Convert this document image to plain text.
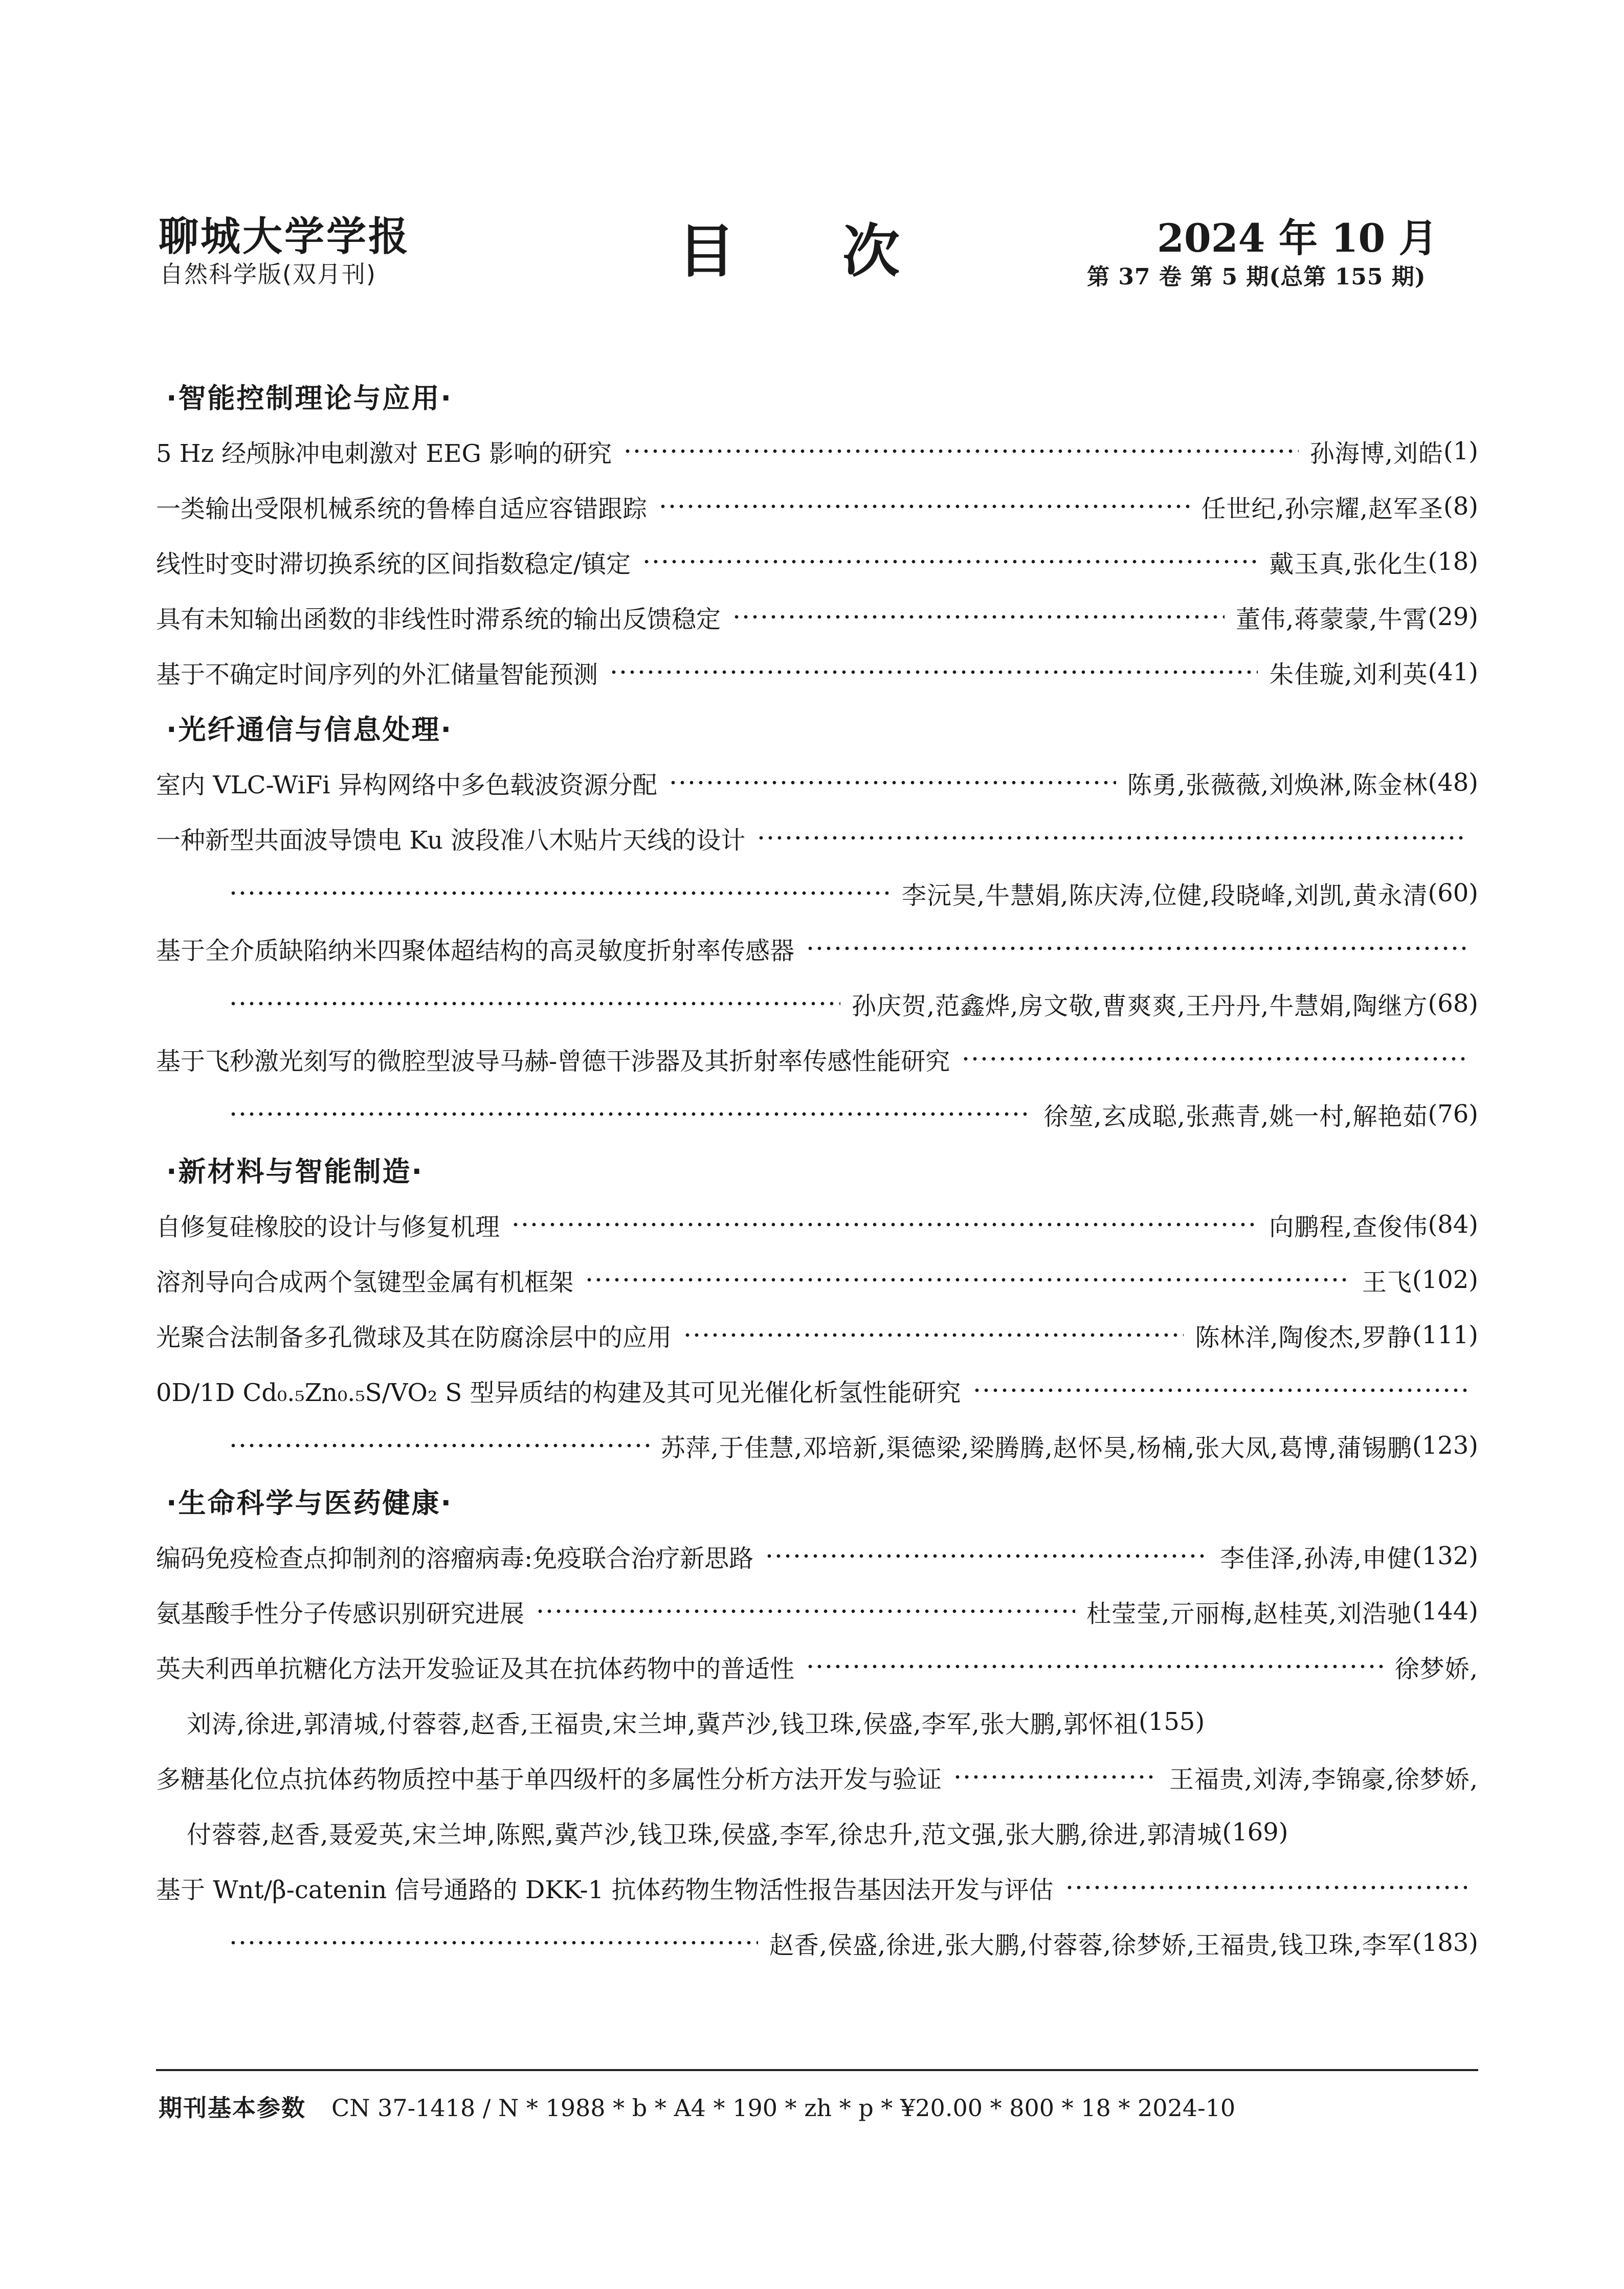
聊城大学学报
自然科学版(双月刊)	目次	2024 年 10 月
第 37 卷 第 5 期(总第 155 期)
·智能控制理论与应用·
5 Hz 经颅脉冲电刺激对 EEG 影响的研究	孙海博,刘皓 (1)
一类输出受限机械系统的鲁棒自适应容错跟踪	任世纪,孙宗耀,赵军圣 (8)
线性时变时滞切换系统的区间指数稳定/镇定	戴玉真,张化生 (18)
具有未知输出函数的非线性时滞系统的输出反馈稳定	董伟,蒋蒙蒙,牛霄 (29)
基于不确定时间序列的外汇储量智能预测	朱佳璇,刘利英 (41)
·光纤通信与信息处理·
室内 VLC-WiFi 异构网络中多色载波资源分配	陈勇,张薇薇,刘焕淋,陈金林 (48)
一种新型共面波导馈电 Ku 波段准八木贴片天线的设计
李沅昊,牛慧娟,陈庆涛,位健,段晓峰,刘凯,黄永清 (60)
基于全介质缺陷纳米四聚体超结构的高灵敏度折射率传感器
孙庆贺,范鑫烨,房文敬,曹爽爽,王丹丹,牛慧娟,陶继方 (68)
基于飞秒激光刻写的微腔型波导马赫-曾德干涉器及其折射率传感性能研究
徐堃,玄成聪,张燕青,姚一村,解艳茹 (76)
·新材料与智能制造·
自修复硅橡胶的设计与修复机理	向鹏程,查俊伟 (84)
溶剂导向合成两个氢键型金属有机框架	王飞 (102)
光聚合法制备多孔微球及其在防腐涂层中的应用	陈林洋,陶俊杰,罗静 (111)
0D/1D Cd₀.₅Zn₀.₅S/VO₂ S 型异质结的构建及其可见光催化析氢性能研究
苏萍,于佳慧,邓培新,渠德梁,梁腾腾,赵怀昊,杨楠,张大凤,葛博,蒲锡鹏 (123)
·生命科学与医药健康·
编码免疫检查点抑制剂的溶瘤病毒:免疫联合治疗新思路	李佳泽,孙涛,申健 (132)
氨基酸手性分子传感识别研究进展	杜莹莹,亓丽梅,赵桂英,刘浩驰 (144)
英夫利西单抗糖化方法开发验证及其在抗体药物中的普适性	徐梦娇,
刘涛,徐进,郭清城,付蓉蓉,赵香,王福贵,宋兰坤,冀芦沙,钱卫珠,侯盛,李军,张大鹏,郭怀祖 (155)
多糖基化位点抗体药物质控中基于单四级杆的多属性分析方法开发与验证	王福贵,刘涛,李锦豪,徐梦娇,
付蓉蓉,赵香,聂爱英,宋兰坤,陈熙,冀芦沙,钱卫珠,侯盛,李军,徐忠升,范文强,张大鹏,徐进,郭清城 (169)
基于 Wnt/β-catenin 信号通路的 DKK-1 抗体药物生物活性报告基因法开发与评估
赵香,侯盛,徐进,张大鹏,付蓉蓉,徐梦娇,王福贵,钱卫珠,李军 (183)
期刊基本参数 CN 37-1418 / N * 1988 * b * A4 * 190 * zh * p * ¥20.00 * 800 * 18 * 2024-10
